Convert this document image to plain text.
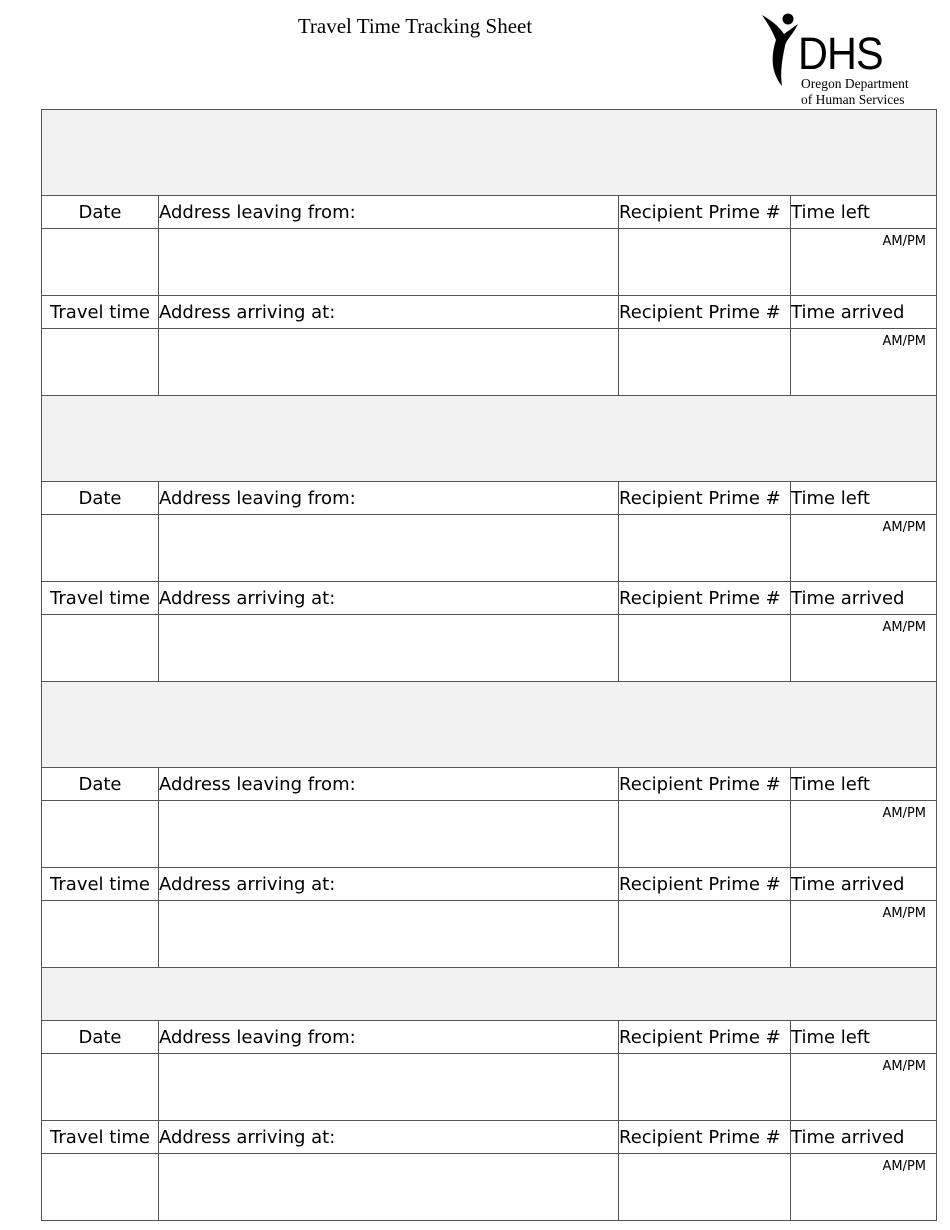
Travel Time Tracking Sheet
DHS
Oregon Department
of Human Services

Date	Address leaving from:	Recipient Prime #	Time left
			AM/PM
Travel time	Address arriving at:	Recipient Prime #	Time arrived
			AM/PM

Date	Address leaving from:	Recipient Prime #	Time left
			AM/PM
Travel time	Address arriving at:	Recipient Prime #	Time arrived
			AM/PM

Date	Address leaving from:	Recipient Prime #	Time left
			AM/PM
Travel time	Address arriving at:	Recipient Prime #	Time arrived
			AM/PM

Date	Address leaving from:	Recipient Prime #	Time left
			AM/PM
Travel time	Address arriving at:	Recipient Prime #	Time arrived
			AM/PM
